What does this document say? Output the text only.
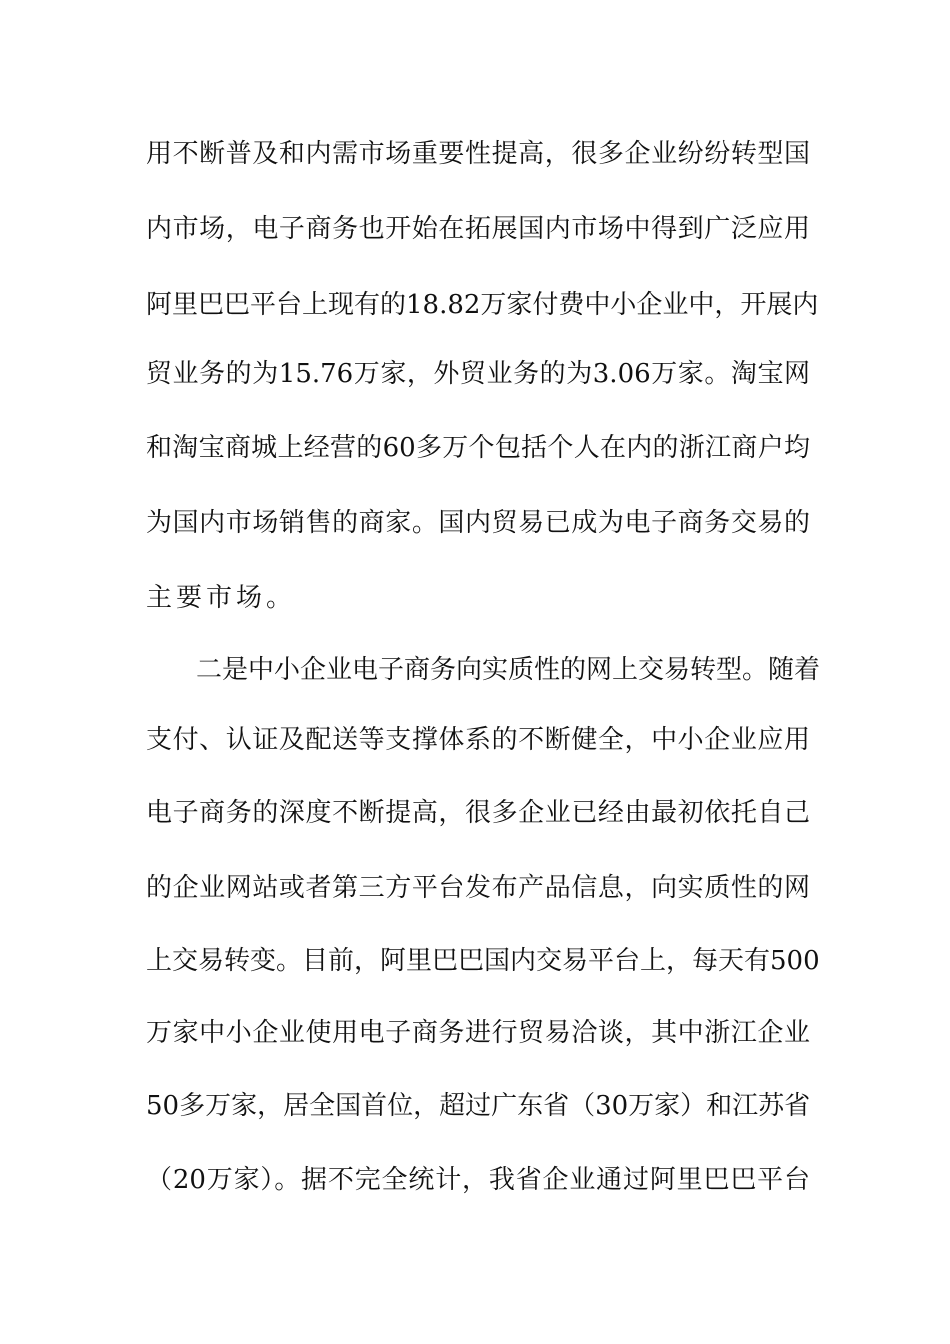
用不断普及和内需市场重要性提高，很多企业纷纷转型国
内市场，电子商务也开始在拓展国内市场中得到广泛应用
阿里巴巴平台上现有的18.82万家付费中小企业中，开展内
贸业务的为15.76万家，外贸业务的为3.06万家。淘宝网
和淘宝商城上经营的60多万个包括个人在内的浙江商户均
为国内市场销售的商家。国内贸易已成为电子商务交易的
主要市场。
二是中小企业电子商务向实质性的网上交易转型。随着
支付、认证及配送等支撑体系的不断健全，中小企业应用
电子商务的深度不断提高，很多企业已经由最初依托自己
的企业网站或者第三方平台发布产品信息，向实质性的网
上交易转变。目前，阿里巴巴国内交易平台上，每天有500
万家中小企业使用电子商务进行贸易洽谈，其中浙江企业
50多万家，居全国首位，超过广东省（30万家）和江苏省
（20万家）。据不完全统计，我省企业通过阿里巴巴平台
